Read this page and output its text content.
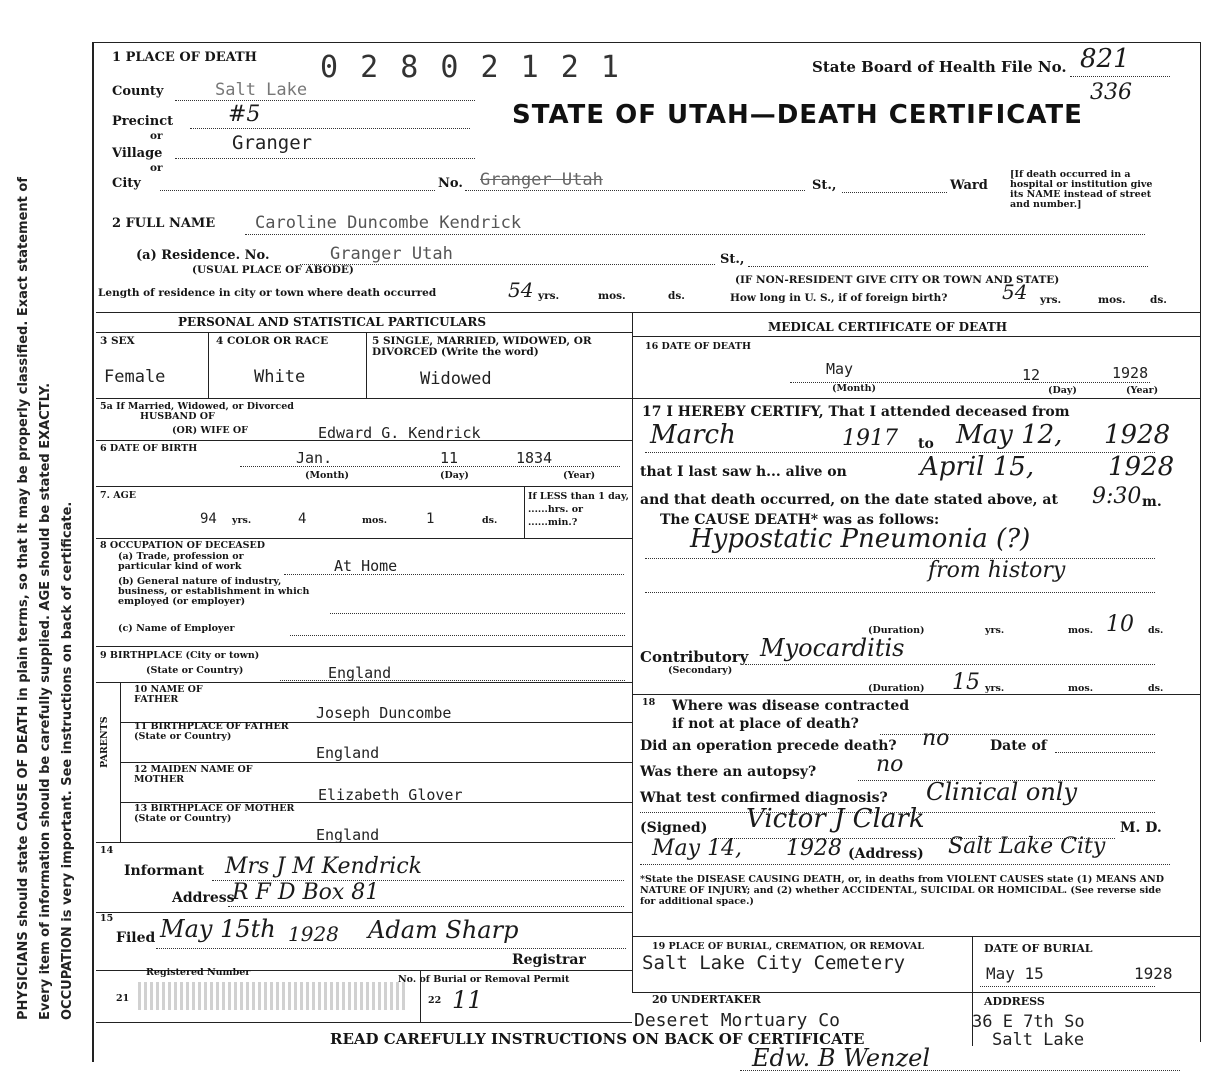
PHYSICIANS should state CAUSE OF DEATH in plain terms, so that it may be properly classified. Exact statement of Every item of information should be carefully supplied. AGE should be stated EXACTLY. OCCUPATION is very important. See instructions on back of certificate.
1 PLACE OF DEATH 0 2 8 0 2 1 2 1	State Board of Health File No. 821
336
STATE OF UTAH—DEATH CERTIFICATE
County	Salt Lake
Precinct #5
or
Village	Granger
or
City	No. Granger Utah	St.,	Ward
[If death occurred in a hospital or institution give its NAME instead of street and number.]
2 FULL NAME Caroline Duncombe Kendrick
(a) Residence. No.	Granger Utah	St.,
(USUAL PLACE OF ABODE)
(IF NON-RESIDENT GIVE CITY OR TOWN AND STATE)
Length of residence in city or town where death occurred	54 yrs.	mos.	ds.	How long in U. S., if of foreign birth?	54 yrs.	mos. ds.
PERSONAL AND STATISTICAL PARTICULARS
3 SEX
Female
4 COLOR OR RACE
White
5 SINGLE, MARRIED, WIDOWED, OR DIVORCED (Write the word)
Widowed
5a If Married, Widowed, or Divorced
HUSBAND OF
(OR) WIFE OF	Edward G. Kendrick
6 DATE OF BIRTH
Jan.	11	1834
(Month)	(Day)	(Year)
7. AGE
94 yrs.	4	mos.	1	ds.
If LESS than 1 day, ......hrs. or ......min.?
8 OCCUPATION OF DECEASED
(a) Trade, profession or particular kind of work	At Home
(b) General nature of industry, business, or establishment in which employed (or employer)
(c) Name of Employer
9 BIRTHPLACE (City or town)
(State or Country)	England
PARENTS
10 NAME OF FATHER
Joseph Duncombe
11 BIRTHPLACE OF FATHER (State or Country)
England
12 MAIDEN NAME OF MOTHER
Elizabeth Glover
13 BIRTHPLACE OF MOTHER (State or Country)
England
14
Informant Mrs J M Kendrick
Address
R F D Box 81
15
Filed May 15th 1928 Adam Sharp
Registrar
Registered Number
21
No. of Burial or Removal Permit
22 11
MEDICAL CERTIFICATE OF DEATH
16 DATE OF DEATH
May	12	1928
(Month)	(Day)	(Year)
17 I HEREBY CERTIFY, That I attended deceased from
March	1917 to May 12, 1928
that I last saw h... alive on	April 15,	1928
and that death occurred, on the date stated above, at 9:30 m.
The CAUSE DEATH* was as follows:
Hypostatic Pneumonia (?)
from history
(Duration)	yrs.	mos. 10 ds.
Contributory
(Secondary)
Myocarditis
(Duration) 15 yrs.	mos.	ds.
18 Where was disease contracted
if not at place of death?
Did an operation precede death? no	Date of
Was there an autopsy?	no
What test confirmed diagnosis? Clinical only
(Signed) Victor J Clark	M. D.
May 14, 1928 (Address) Salt Lake City
*State the DISEASE CAUSING DEATH, or, in deaths from VIOLENT CAUSES state (1) MEANS AND NATURE OF INJURY; and (2) whether ACCIDENTAL, SUICIDAL OR HOMICIDAL. (See reverse side for additional space.)
19 PLACE OF BURIAL, CREMATION, OR REMOVAL
Salt Lake City Cemetery
DATE OF BURIAL
May 15	1928
20 UNDERTAKER
Deseret Mortuary Co
ADDRESS
36 E 7th So
Salt Lake
READ CAREFULLY INSTRUCTIONS ON BACK OF CERTIFICATE
Edw. B Wenzel
